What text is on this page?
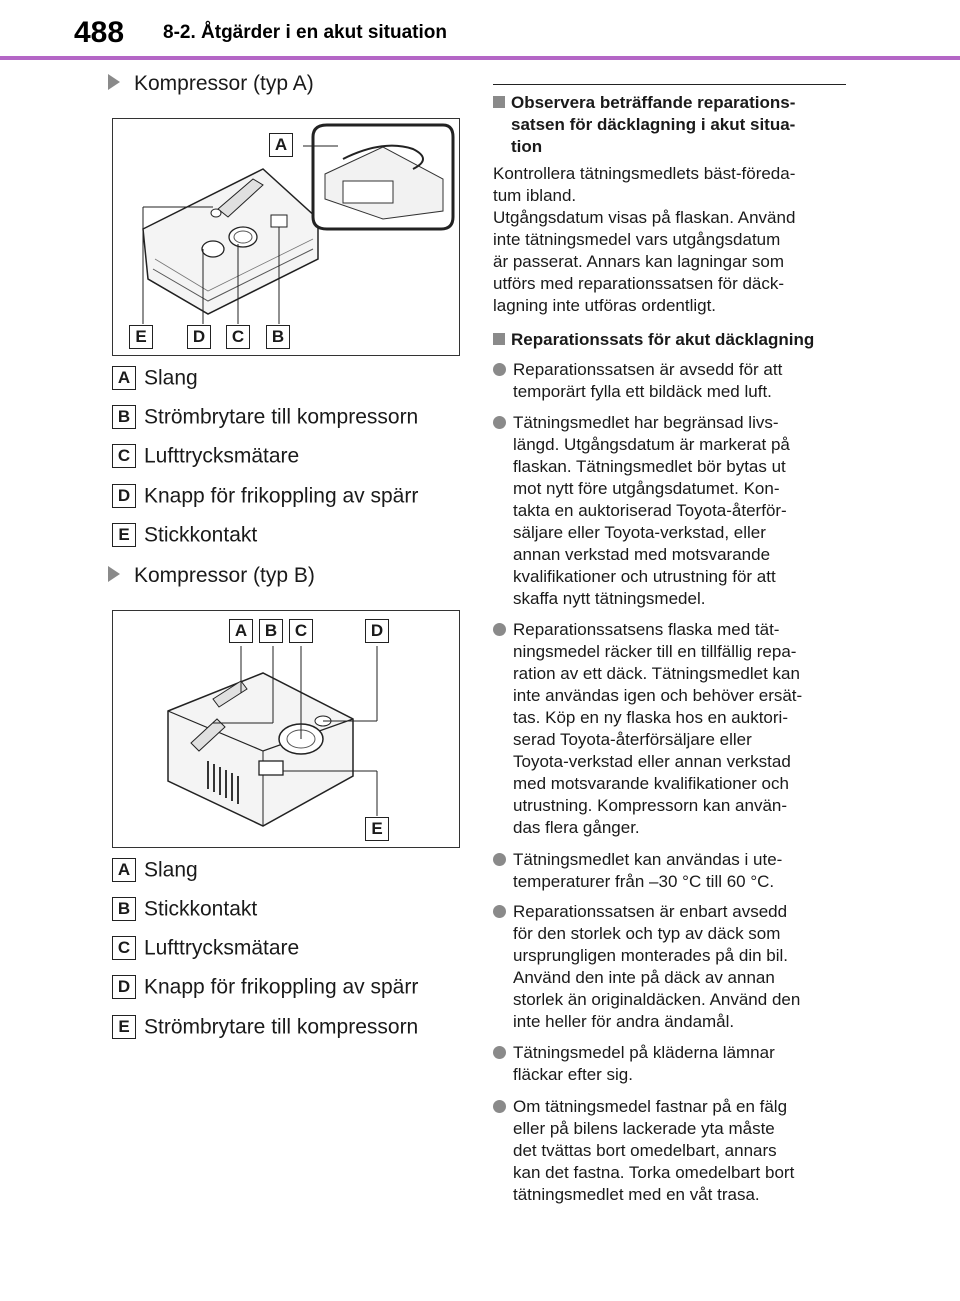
488 8-2. Åtgärder i en akut situation
Kompressor (typ A)
A
E	D	C	B
A Slang
B Strömbrytare till kompressorn
C Lufttrycksmätare
D Knapp för frikoppling av spärr
E Stickkontakt
Kompressor (typ B)
A	B	C	D
E
A Slang
B Stickkontakt
C Lufttrycksmätare
D Knapp för frikoppling av spärr
E Strömbrytare till kompressorn
Observera beträffande reparations-
satsen för däcklagning i akut situa-
tion
Kontrollera tätningsmedlets bäst-föreda-
tum ibland.
Utgångsdatum visas på flaskan. Använd
inte tätningsmedel vars utgångsdatum
är passerat. Annars kan lagningar som
utförs med reparationssatsen för däck-
lagning inte utföras ordentligt.
Reparationssats för akut däcklagning
Reparationssatsen är avsedd för att
temporärt fylla ett bildäck med luft.
Tätningsmedlet har begränsad livs-
längd. Utgångsdatum är markerat på
flaskan. Tätningsmedlet bör bytas ut
mot nytt före utgångsdatumet. Kon-
takta en auktoriserad Toyota-återför-
säljare eller Toyota-verkstad, eller
annan verkstad med motsvarande
kvalifikationer och utrustning för att
skaffa nytt tätningsmedel.
Reparationssatsens flaska med tät-
ningsmedel räcker till en tillfällig repa-
ration av ett däck. Tätningsmedlet kan
inte användas igen och behöver ersät-
tas. Köp en ny flaska hos en auktori-
serad Toyota-återförsäljare eller
Toyota-verkstad eller annan verkstad
med motsvarande kvalifikationer och
utrustning. Kompressorn kan använ-
das flera gånger.
Tätningsmedlet kan användas i ute-
temperaturer från –30 °C till 60 °C.
Reparationssatsen är enbart avsedd
för den storlek och typ av däck som
ursprungligen monterades på din bil.
Använd den inte på däck av annan
storlek än originaldäcken. Använd den
inte heller för andra ändamål.
Tätningsmedel på kläderna lämnar
fläckar efter sig.
Om tätningsmedel fastnar på en fälg
eller på bilens lackerade yta måste
det tvättas bort omedelbart, annars
kan det fastna. Torka omedelbart bort
tätningsmedlet med en våt trasa.
